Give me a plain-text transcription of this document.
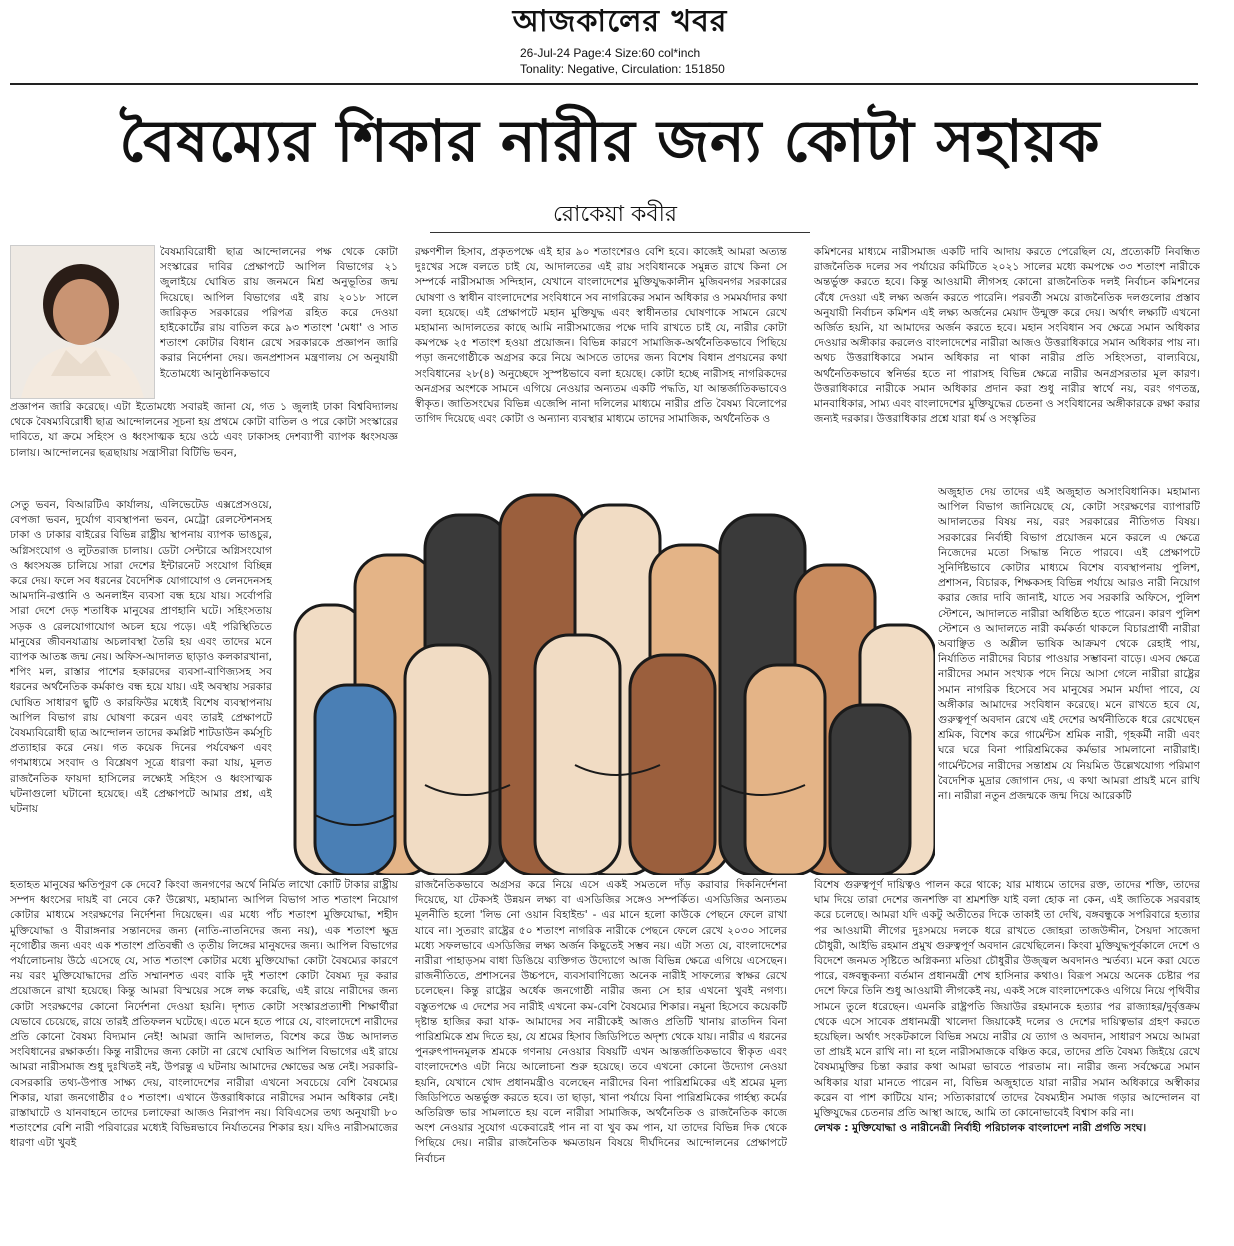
আজকালের খবর
26-Jul-24 Page:4 Size:60 col*inch
Tonality: Negative, Circulation: 151850
বৈষম্যের শিকার নারীর জন্য কোটা সহায়ক
রোকেয়া কবীর
বৈষম্যবিরোধী ছাত্র আন্দোলনের পক্ষ থেকে কোটা সংস্কারের দাবির প্রেক্ষাপটে আপিল বিভাগের ২১ জুলাইয়ে ঘোষিত রায় জনমনে মিশ্র অনুভূতির জন্ম দিয়েছে। আপিল বিভাগের এই রায় ২০১৮ সালে জারিকৃত সরকারের পরিপত্র রহিত করে দেওয়া হাইকোর্টের রায় বাতিল করে ৯৩ শতাংশ 'মেধা' ও সাত শতাংশ কোটার বিধান রেখে সরকারকে প্রজ্ঞাপন জারি করার নির্দেশনা দেয়। জনপ্রশাসন মন্ত্রণালয় সে অনুযায়ী ইতোমধ্যে আনুষ্ঠানিকভাবে
প্রজ্ঞাপন জারি করেছে। এটা ইতোমধ্যে সবারই জানা যে, গত ১ জুলাই ঢাকা বিশ্ববিদ্যালয় থেকে বৈষম্যবিরোধী ছাত্র আন্দোলনের সূচনা হয় প্রথমে কোটা বাতিল ও পরে কোটা সংস্কারের দাবিতে, যা ক্রমে সহিংস ও ধ্বংসাত্মক হয়ে ওঠে এবং ঢাকাসহ দেশব্যাপী ব্যাপক ধ্বংসযজ্ঞ চালায়। আন্দোলনের ছত্রছায়ায় সন্ত্রাসীরা বিটিভি ভবন,
সেতু ভবন, বিআরটিএ কার্যালয়, এলিভেটেড এক্সপ্রেসওয়ে, বেপজা ভবন, দুর্যোগ ব্যবস্থাপনা ভবন, মেট্রো রেলস্টেশনসহ ঢাকা ও ঢাকার বাইরের বিভিন্ন রাষ্ট্রীয় স্থাপনায় ব্যাপক ভাঙচুর, অগ্নিসংযোগ ও লুটতরাজ চালায়। ডেটা সেন্টারে অগ্নিসংযোগ ও ধ্বংসযজ্ঞ চালিয়ে সারা দেশের ইন্টারনেট সংযোগ বিচ্ছিন্ন করে দেয়। ফলে সব ধরনের বৈদেশিক যোগাযোগ ও লেনদেনসহ আমদানি-রপ্তানি ও অনলাইন ব্যবসা বন্ধ হয়ে যায়। সর্বোপরি সারা দেশে দেড় শতাধিক মানুষের প্রাণহানি ঘটে। সহিংসতায় সড়ক ও রেলযোগাযোগ অচল হয়ে পড়ে। এই পরিস্থিতিতে মানুষের জীবনযাত্রায় অচলাবস্থা তৈরি হয় এবং তাদের মনে ব্যাপক আতঙ্ক জন্ম নেয়। অফিস-আদালত ছাড়াও কলকারখানা, শপিং মল, রাস্তার পাশের হকারদের ব্যবসা-বাণিজ্যসহ সব ধরনের অর্থনৈতিক কর্মকাণ্ড বন্ধ হয়ে যায়। এই অবস্থায় সরকার ঘোষিত সাধারণ ছুটি ও কারফিউর মধ্যেই বিশেষ ব্যবস্থাপনায় আপিল বিভাগ রায় ঘোষণা করেন এবং তারই প্রেক্ষাপটে বৈষম্যবিরোধী ছাত্র আন্দোলন তাদের কমপ্লিট শাটডাউন কর্মসূচি প্রত্যাহার করে নেয়। গত কয়েক দিনের পর্যবেক্ষণ এবং গণমাধ্যমে সংবাদ ও বিশ্লেষণ সূত্রে ধারণা করা যায়, মূলত রাজনৈতিক ফায়দা হাসিলের লক্ষ্যেই সহিংস ও ধ্বংসাত্মক ঘটনাগুলো ঘটানো হয়েছে। এই প্রেক্ষাপটে আমার প্রশ্ন, এই ঘটনায়
রক্ষণশীল হিসাব, প্রকৃতপক্ষে এই হার ৯০ শতাংশেরও বেশি হবে। কাজেই আমরা অত্যন্ত দুঃখের সঙ্গে বলতে চাই যে, আদালতের এই রায় সংবিধানকে সমুন্নত রাখে কিনা সে সম্পর্কে নারীসমাজ সন্দিহান, যেখানে বাংলাদেশের মুক্তিযুদ্ধকালীন মুজিবনগর সরকারের ঘোষণা ও স্বাধীন বাংলাদেশের সংবিধানে সব নাগরিকের সমান অধিকার ও সমমর্যাদার কথা বলা হয়েছে। এই প্রেক্ষাপটে মহান মুক্তিযুদ্ধ এবং স্বাধীনতার ঘোষণাকে সামনে রেখে মহামান্য আদালতের কাছে আমি নারীসমাজের পক্ষে দাবি রাখতে চাই যে, নারীর কোটা কমপক্ষে ২৫ শতাংশ হওয়া প্রয়োজন। বিভিন্ন কারণে সামাজিক-অর্থনৈতিকভাবে পিছিয়ে পড়া জনগোষ্ঠীকে অগ্রসর করে নিয়ে আসতে তাদের জন্য বিশেষ বিধান প্রণয়নের কথা সংবিধানের ২৮(৪) অনুচ্ছেদে সুস্পষ্টভাবে বলা হয়েছে। কোটা হচ্ছে নারীসহ নাগরিকদের অনগ্রসর অংশকে সামনে এগিয়ে নেওয়ার অন্যতম একটি পদ্ধতি, যা আন্তর্জাতিকভাবেও স্বীকৃত। জাতিসংঘের বিভিন্ন এজেন্সি নানা দলিলের মাধ্যমে নারীর প্রতি বৈষম্য বিলোপের তাগিদ দিয়েছে এবং কোটা ও অন্যান্য ব্যবস্থার মাধ্যমে তাদের সামাজিক, অর্থনৈতিক ও
কমিশনের মাধ্যমে নারীসমাজ একটি দাবি আদায় করতে পেরেছিল যে, প্রত্যেকটি নিবন্ধিত রাজনৈতিক দলের সব পর্যায়ের কমিটিতে ২০২১ সালের মধ্যে কমপক্ষে ৩৩ শতাংশ নারীকে অন্তর্ভুক্ত করতে হবে। কিন্তু আওয়ামী লীগসহ কোনো রাজনৈতিক দলই নির্বাচন কমিশনের বেঁধে দেওয়া এই লক্ষ্য অর্জন করতে পারেনি। পরবর্তী সময়ে রাজনৈতিক দলগুলোর প্রস্তাব অনুযায়ী নির্বাচন কমিশন এই লক্ষ্য অর্জনের মেয়াদ উন্মুক্ত করে দেয়। অর্থাৎ লক্ষ্যটি এখনো অর্জিত হয়নি, যা আমাদের অর্জন করতে হবে। মহান সংবিধান সব ক্ষেত্রে সমান অধিকার দেওয়ার অঙ্গীকার করলেও বাংলাদেশের নারীরা আজও উত্তরাধিকারে সমান অধিকার পায় না। অথচ উত্তরাধিকারে সমান অধিকার না থাকা নারীর প্রতি সহিংসতা, বাল্যবিয়ে, অর্থনৈতিকভাবে স্বনির্ভর হতে না পারাসহ বিভিন্ন ক্ষেত্রে নারীর অনগ্রসরতার মূল কারণ। উত্তরাধিকারে নারীকে সমান অধিকার প্রদান করা শুধু নারীর স্বার্থে নয়, বরং গণতন্ত্র, মানবাধিকার, সাম্য এবং বাংলাদেশের মুক্তিযুদ্ধের চেতনা ও সংবিধানের অঙ্গীকারকে রক্ষা করার জন্যই দরকার। উত্তরাধিকার প্রশ্নে যারা ধর্ম ও সংস্কৃতির
অজুহাত দেয় তাদের এই অজুহাত অসাংবিধানিক। মহামান্য আপিল বিভাগ জানিয়েছে যে, কোটা সংরক্ষণের ব্যাপারটি আদালতের বিষয় নয়, বরং সরকারের নীতিগত বিষয়। সরকারের নির্বাহী বিভাগ প্রয়োজন মনে করলে এ ক্ষেত্রে নিজেদের মতো সিদ্ধান্ত নিতে পারবে। এই প্রেক্ষাপটে সুনির্দিষ্টভাবে কোটার মাধ্যমে বিশেষ ব্যবস্থাপনায় পুলিশ, প্রশাসন, বিচারক, শিক্ষকসহ বিভিন্ন পর্যায়ে আরও নারী নিয়োগ করার জোর দাবি জানাই, যাতে সব সরকারি অফিসে, পুলিশ স্টেশনে, আদালতে নারীরা অধিষ্ঠিত হতে পারেন। কারণ পুলিশ স্টেশনে ও আদালতে নারী কর্মকর্তা থাকলে বিচারপ্রার্থী নারীরা অবাঞ্ছিত ও অশ্লীল ভাষিক আক্রমণ থেকে রেহাই পায়, নির্যাতিত নারীদের বিচার পাওয়ার সম্ভাবনা বাড়ে। এসব ক্ষেত্রে নারীদের সমান সংখ্যক পদে নিয়ে আসা গেলে নারীরা রাষ্ট্রের সমান নাগরিক হিসেবে সব মানুষের সমান মর্যাদা পাবে, যে অঙ্গীকার আমাদের সংবিধান করেছে। মনে রাখতে হবে যে, গুরুত্বপূর্ণ অবদান রেখে এই দেশের অর্থনীতিকে ধরে রেখেছেন শ্রমিক, বিশেষ করে গার্মেন্টস শ্রমিক নারী, গৃহকর্মী নারী এবং ঘরে ঘরে বিনা পারিশ্রমিকের কর্মভার সামলানো নারীরাই। গার্মেন্টসের নারীদের সন্তাশ্রম যে নিয়মিত উল্লেখযোগ্য পরিমাণ বৈদেশিক মুদ্রার জোগান দেয়, এ কথা আমরা প্রায়ই মনে রাখি না। নারীরা নতুন প্রজন্মকে জন্ম দিয়ে আরেকটি
হতাহত মানুষের ক্ষতিপূরণ কে দেবে? কিংবা জনগণের অর্থে নির্মিত লাখো কোটি টাকার রাষ্ট্রীয় সম্পদ ধ্বংসের দায়ই বা নেবে কে? উল্লেখ্য, মহামান্য আপিল বিভাগ সাত শতাংশ নিয়োগ কোটার মাধ্যমে সংরক্ষণের নির্দেশনা দিয়েছেন। এর মধ্যে পাঁচ শতাংশ মুক্তিযোদ্ধা, শহীদ মুক্তিযোদ্ধা ও বীরাঙ্গনার সন্তানদের জন্য (নাতি-নাতনিদের জন্য নয়), এক শতাংশ ক্ষুদ্র নৃগোষ্ঠীর জন্য এবং এক শতাংশ প্রতিবন্ধী ও তৃতীয় লিঙ্গের মানুষদের জন্য। আপিল বিভাগের পর্যালোচনায় উঠে এসেছে যে, সাত শতাংশ কোটার মধ্যে মুক্তিযোদ্ধা কোটা বৈষম্যের কারণে নয় বরং মুক্তিযোদ্ধাদের প্রতি সম্মানশত এবং বাকি দুই শতাংশ কোটা বৈষম্য দূর করার প্রয়োজনে রাখা হয়েছে। কিন্তু আমরা বিস্ময়ের সঙ্গে লক্ষ করেছি, এই রায়ে নারীদের জন্য কোটা সংরক্ষণের কোনো নির্দেশনা দেওয়া হয়নি। দৃশ্যত কোটা সংস্কারপ্রত্যাশী শিক্ষার্থীরা যেভাবে চেয়েছে, রায়ে তারই প্রতিফলন ঘটেছে। এতে মনে হতে পারে যে, বাংলাদেশে নারীদের প্রতি কোনো বৈষম্য বিদ্যমান নেই! আমরা জানি আদালত, বিশেষ করে উচ্চ আদালত সংবিধানের রক্ষাকর্তা। কিন্তু নারীদের জন্য কোটা না রেখে ঘোষিত আপিল বিভাগের এই রায়ে আমরা নারীসমাজ শুধু দুঃখিতই নই, উপরন্তু এ ঘটনায় আমাদের ক্ষোভের অন্ত নেই। সরকারি-বেসরকারি তথ্য-উপাত্ত সাক্ষ্য দেয়, বাংলাদেশের নারীরা এখনো সবচেয়ে বেশি বৈষম্যের শিকার, যারা জনগোষ্ঠীর ৫০ শতাংশ। এখানে উত্তরাধিকারে নারীদের সমান অধিকার নেই। রাস্তাঘাটে ও যানবাহনে তাদের চলাফেরা আজও নিরাপদ নয়। বিবিএসের তথ্য অনুযায়ী ৮০ শতাংশের বেশি নারী পরিবারের মধ্যেই বিভিন্নভাবে নির্যাতনের শিকার হয়। যদিও নারীসমাজের ধারণা এটা খুবই
রাজনৈতিকভাবে অগ্রসর করে নিয়ে এসে একই সমতলে দাঁড় করাবার দিকনির্দেশনা দিয়েছে, যা টেকসই উন্নয়ন লক্ষ্য বা এসডিজির সঙ্গেও সম্পর্কিত। এসডিজির অন্যতম মূলনীতি হলো 'লিভ নো ওয়ান বিহাইন্ড' - এর মানে হলো কাউকে পেছনে ফেলে রাখা যাবে না। সুতরাং রাষ্ট্রের ৫০ শতাংশ নাগরিক নারীকে পেছনে ফেলে রেখে ২০৩০ সালের মধ্যে সফলভাবে এসডিজির লক্ষ্য অর্জন কিছুতেই সম্ভব নয়। এটা সত্য যে, বাংলাদেশের নারীরা পাহাড়সম বাধা ডিঙিয়ে ব্যক্তিগত উদ্যোগে আজ বিভিন্ন ক্ষেত্রে এগিয়ে এসেছেন। রাজনীতিতে, প্রশাসনের উচ্চপদে, ব্যবসাবাণিজ্যে অনেক নারীই সাফল্যের স্বাক্ষর রেখে চলেছেন। কিন্তু রাষ্ট্রের অর্ধেক জনগোষ্ঠী নারীর জন্য সে হার এখনো খুবই নগণ্য। বস্তুতপক্ষে এ দেশের সব নারীই এখনো কম-বেশি বৈষম্যের শিকার। নমুনা হিসেবে কয়েকটি দৃষ্টান্ত হাজির করা যাক- আমাদের সব নারীকেই আজও প্রতিটি খানায় রাতদিন বিনা পারিশ্রমিকে শ্রম দিতে হয়, যে শ্রমের হিসাব জিডিপিতে অদৃশ্য থেকে যায়। নারীর এ ধরনের পুনরুৎপাদনমূলক শ্রমকে গণনায় নেওয়ার বিষয়টি এখন আন্তর্জাতিকভাবে স্বীকৃত এবং বাংলাদেশেও এটা নিয়ে আলোচনা শুরু হয়েছে। তবে এখনো কোনো উদ্যোগ নেওয়া হয়নি, যেখানে খোদ প্রধানমন্ত্রীও বলেছেন নারীদের বিনা পারিশ্রমিকের এই শ্রমের মূল্য জিডিপিতে অন্তর্ভুক্ত করতে হবে। তা ছাড়া, খানা পর্যায়ে বিনা পারিশ্রমিকের গার্হস্থ্য কর্মের অতিরিক্ত ভার সামলাতে হয় বলে নারীরা সামাজিক, অর্থনৈতিক ও রাজনৈতিক কাজে অংশ নেওয়ার সুযোগ একেবারেই পান না বা খুব কম পান, যা তাদের বিভিন্ন দিক থেকে পিছিয়ে দেয়। নারীর রাজনৈতিক ক্ষমতায়ন বিষয়ে দীর্ঘদিনের আন্দোলনের প্রেক্ষাপটে নির্বাচন
বিশেষ গুরুত্বপূর্ণ দায়িত্বও পালন করে থাকে; যার মাধ্যমে তাদের রক্ত, তাদের শক্তি, তাদের ঘাম দিয়ে তারা দেশের জনশক্তি বা শ্রমশক্তি যাই বলা হোক না কেন, এই জাতিকে সরবরাহ করে চলেছে। আমরা যদি একটু অতীতের দিকে তাকাই তা দেখি, বঙ্গবন্ধুকে সপরিবারে হত্যার পর আওয়ামী লীগের দুঃসময়ে দলকে ধরে রাখতে জোহরা তাজউদ্দীন, সৈয়দা সাজেদা চৌধুরী, আইভি রহমান প্রমুখ গুরুত্বপূর্ণ অবদান রেখেছিলেন। কিংবা মুক্তিযুদ্ধপূর্বকালে দেশে ও বিদেশে জনমত সৃষ্টিতে অগ্নিকন্যা মতিয়া চৌধুরীর উজ্জ্বল অবদানও স্মর্তব্য। মনে করা যেতে পারে, বঙ্গবন্ধুকন্যা বর্তমান প্রধানমন্ত্রী শেখ হাসিনার কথাও। বিরূপ সময়ে অনেক চেষ্টার পর দেশে ফিরে তিনি শুধু আওয়ামী লীগকেই নয়, একই সঙ্গে বাংলাদেশকেও এগিয়ে নিয়ে পৃথিবীর সামনে তুলে ধরেছেন। এমনকি রাষ্ট্রপতি জিয়াউর রহমানকে হত্যার পর রাজ্যাহর/দুর্বৃত্তক্রম থেকে এসে সাবেক প্রধানমন্ত্রী খালেদা জিয়াকেই দলের ও দেশের দায়িত্বভার গ্রহণ করতে হয়েছিল। অর্থাৎ সংকটকালে বিভিন্ন সময়ে নারীর যে ত্যাগ ও অবদান, সাধারণ সময়ে আমরা তা প্রায়ই মনে রাখি না। না হলে নারীসমাজকে বঞ্চিত করে, তাদের প্রতি বৈষম্য জিইয়ে রেখে বৈষম্যমুক্তির চিন্তা করার কথা আমরা ভাবতে পারতাম না। নারীর জন্য সর্বক্ষেত্রে সমান অধিকার যারা মানতে পারেন না, বিভিন্ন অজুহাতে যারা নারীর সমান অধিকারে অস্বীকার করেন বা পাশ কাটিয়ে যান; সত্যিকারার্থে তাদের বৈষম্যহীন সমাজ গড়ার আন্দোলন বা মুক্তিযুদ্ধের চেতনার প্রতি আস্থা আছে, আমি তা কোনোভাবেই বিশ্বাস করি না।
লেখক : মুক্তিযোদ্ধা ও নারীনেত্রী নির্বাহী পরিচালক বাংলাদেশ নারী প্রগতি সংঘ।
